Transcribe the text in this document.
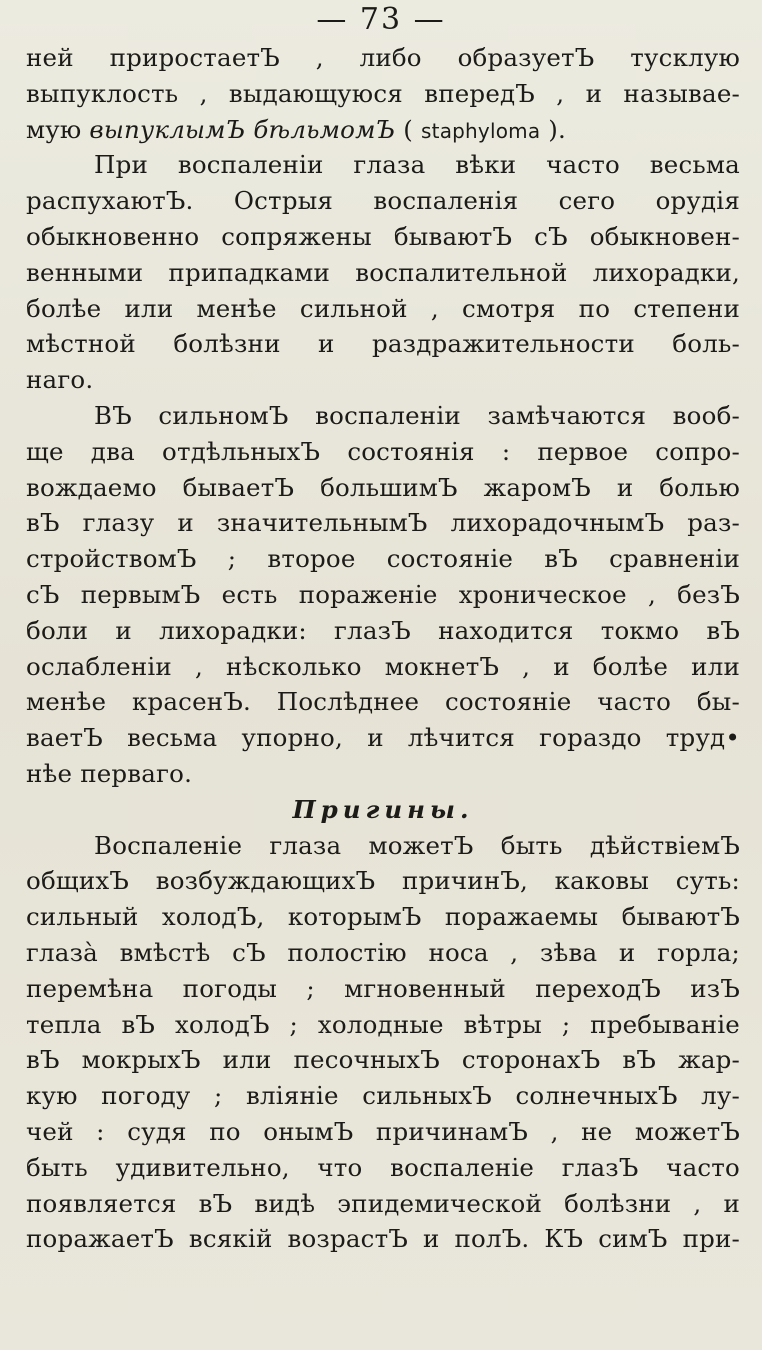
— 73 —
ней приростаетЪ , либо образуетЪ тусклую
выпуклость , выдающуюся впередЪ , и называе-
мую выпуклымЪ бѣльмомЪ ( staphyloma ).
При воспаленіи глаза вѣки часто весьма
распухаютЪ. Острыя воспаленія сего орудія
обыкновенно сопряжены бываютЪ сЪ обыкновен-
венными припадками воспалительной лихорадки,
болѣе или менѣе сильной , смотря по степени
мѣстной болѣзни и раздражительности боль-
наго.
ВЪ сильномЪ воспаленіи замѣчаются вооб-
ще два отдѣльныхЪ состоянія : первое сопро-
вождаемо бываетЪ большимЪ жаромЪ и болью
вЪ глазу и значительнымЪ лихорадочнымЪ раз-
стройствомЪ ; второе состояніе вЪ сравненіи
сЪ первымЪ есть пораженіе хроническое , безЪ
боли и лихорадки: глазЪ находится токмо вЪ
ослабленіи , нѣсколько мокнетЪ , и болѣе или
менѣе красенЪ. Послѣднее состояніе часто бы-
ваетЪ весьма упорно, и лѣчится гораздо труд•
нѣе перваго.
Пригины.
Воспаленіе глаза можетЪ быть дѣйствіемЪ
общихЪ возбуждающихЪ причинЪ, каковы суть:
сильный холодЪ, которымЪ поражаемы бываютЪ
глазà вмѣстѣ сЪ полостію носа , зѣва и горла;
перемѣна погоды ; мгновенный переходЪ изЪ
тепла вЪ холодЪ ; холодные вѣтры ; пребываніе
вЪ мокрыхЪ или песочныхЪ сторонахЪ вЪ жар-
кую погоду ; вліяніе сильныхЪ солнечныхЪ лу-
чей : судя по онымЪ причинамЪ , не можетЪ
быть удивительно, что воспаленіе глазЪ часто
появляется вЪ видѣ эпидемической болѣзни , и
поражаетЪ всякій возрастЪ и полЪ. КЪ симЪ при-
